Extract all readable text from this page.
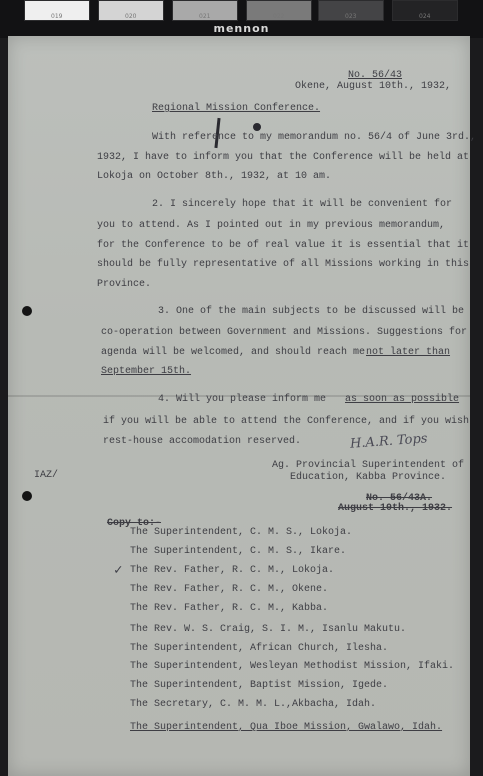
019	020	021	022	023	024
mennon

No. 56/43

Okene, August 10th., 1932,

Regional Mission Conference.

With reference to my memorandum no. 56/4 of June 3rd.,

1932, I have to inform you that the Conference will be held at

Lokoja on October 8th., 1932, at 10 am.

2. I sincerely hope that it will be convenient for

you to attend. As I pointed out in my previous memorandum,

for the Conference to be of real value it is essential that it

should be fully representative of all Missions working in this

Province.

3. One of the main subjects to be discussed will be

co-operation between Government and Missions. Suggestions for

agenda will be welcomed, and should reach me not later than

September 15th.

4. Will you please inform me as soon as possible

if you will be able to attend the Conference, and if you wish

rest-house accomodation reserved.	H.A.R. Tops

Ag. Provincial Superintendent of

Education, Kabba Province.

IAZ/

No. 56/43A.

August 10th., 1932.

Copy to:-

✓

The Superintendent, C. M. S., Lokoja.

The Superintendent, C. M. S., Ikare.

The Rev. Father, R. C. M., Lokoja.

The Rev. Father, R. C. M., Okene.

The Rev. Father, R. C. M., Kabba.

The Rev. W. S. Craig, S. I. M., Isanlu Makutu.

The Superintendent, African Church, Ilesha.

The Superintendent, Wesleyan Methodist Mission, Ifaki.

The Superintendent, Baptist Mission, Igede.

The Secretary, C. M. M. L.,Akbacha, Idah.

The Superintendent, Qua Iboe Mission, Gwalawo, Idah.
